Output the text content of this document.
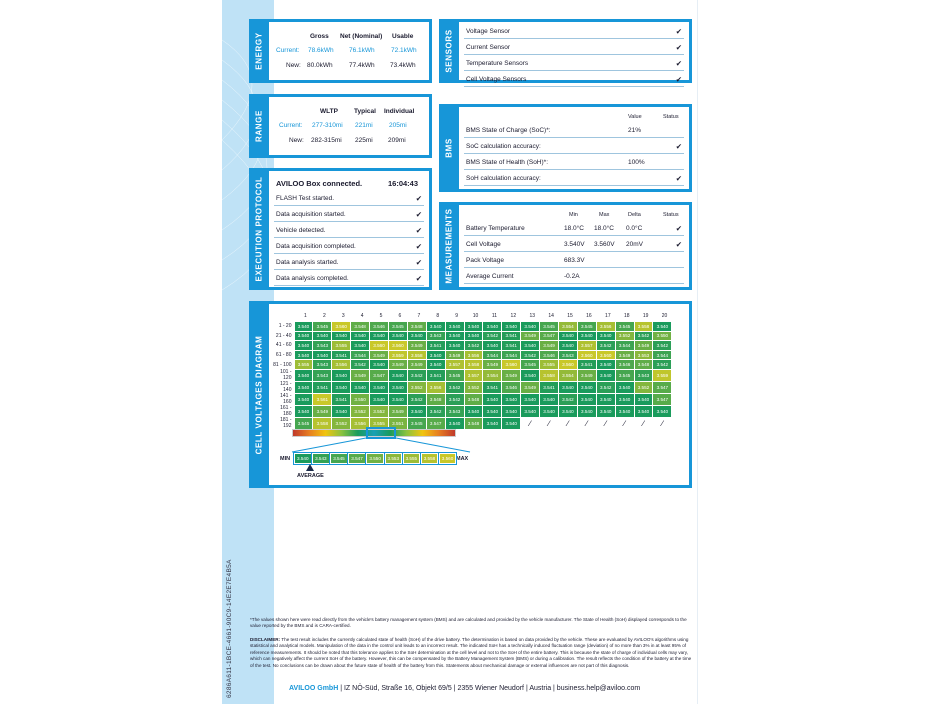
6286A611-1BCE-4661-90C9-14E2E7E4B5A
ENERGY	Gross Net (Nominal) Usable
Current: 78.6kWh 76.1kWh	72.1kWh
New: 80.0kWh	77.4kWh 73.4kWh
RANGE	WLTP Typical Individual
Current: 277-310mi 221mi	205mi
New: 282-315mi 225mi 209mi
EXECUTION PROTOCOL AVILOO Box connected.	16:04:43
FLASH Test started.	✔
Data acquisition started.	✔
Vehicle detected.	✔
Data acquisition completed.	✔
Data analysis started.	✔
Data analysis completed.	✔
SENSORS Voltage Sensor	✔
Current Sensor	✔
Temperature Sensors	✔
Cell Voltage Sensors	✔
BMS
Value	Status
BMS State of Charge (SoC)*:	21%
SoC calculation accuracy:	✔
BMS State of Health (SoH)*:	100%
SoH calculation accuracy:	✔
MEASUREMENTS	Min	Max	Delta	Status
Battery Temperature	18.0°C 18.0°C 0.0°C	✔
Cell Voltage	3.540V 3.560V 20mV	✔
Pack Voltage	683.3V
Average Current	-0.2A
CELL VOLTAGES DIAGRAM
1	2	3	4	5	6	7	8	9	10	11	12	13	14	15	16	17	18	19	20
1 - 20	3.540	3.545	3.560	3.548	3.546	3.545	3.548	3.540	3.540	3.540	3.540	3.540	3.540	3.545	3.554	3.545	3.556	3.545	3.558	3.540
21 - 40	3.540	3.540	3.540	3.540	3.540	3.540	3.540	3.543	3.540	3.540	3.542	3.541	3.549	3.547	3.540	3.540	3.540	3.552	3.542	3.550
41 - 60	3.540	3.543	3.555	3.540	3.560	3.560	3.549	3.541	3.540	3.542	3.540	3.541	3.540	3.549	3.540	3.557	3.542	3.544	3.549	3.542
61 - 80	3.540	3.540	3.541	3.544	3.549	3.559	3.558	3.540	3.549	3.556	3.544	3.544	3.542	3.546	3.543	3.560	3.560	3.549	3.553	3.544
81 - 100	3.555	3.543	3.556	3.542	3.540	3.549	3.549	3.540	3.557	3.558	3.549	3.560	3.545	3.555	3.560	3.541	3.540	3.546	3.548	3.542
101 - 120	3.540	3.543	3.540	3.549	3.547	3.540	3.542	3.541	3.545	3.557	3.554	3.549	3.540	3.558	3.554	3.549	3.540	3.545	3.543	3.559
121 - 140	3.540	3.541	3.540	3.540	3.540	3.540	3.552	3.556	3.542	3.552	3.541	3.546	3.549	3.541	3.540	3.540	3.542	3.540	3.552	3.547
141 - 160	3.540	3.561	3.541	3.550	3.540	3.540	3.542	3.548	3.542	3.548	3.540	3.540	3.540	3.540	3.542	3.540	3.540	3.540	3.540	3.547
161 - 180	3.540	3.549	3.540	3.552	3.552	3.549	3.540	3.542	3.543	3.540	3.540	3.540	3.540	3.540	3.540	3.540	3.540	3.540	3.540	3.540
181 - 192	3.545	3.558	3.552	3.556	3.555	3.551	3.545	3.547	3.540	3.548	3.540	3.540	∕	∕	∕	∕	∕	∕	∕	∕
MIN	MAX
3.540	3.543	3.545	3.547	3.550	3.553	3.555	3.558	3.560
AVERAGE
*The values shown here were read directly from the vehicle's battery management system (BMS) and are calculated and provided by the vehicle manufacturer. The State of Health (SoH) displayed corresponds to the value reported by the BMS and is CARA-certified.
DISCLAIMER: The test result includes the currently calculated state of health (SoH) of the drive battery. The determination is based on data provided by the vehicle. These are evaluated by AVILOO's algorithms using statistical and analytical models. Manipulation of the data in the control unit leads to an incorrect result. The indicated SoH has a technically induced fluctuation range (deviation) of no more than 3% in at least 95% of reference measurements. It should be noted that this tolerance applies to the SoH determination at the cell level and not to the SoH of the entire battery. This is because the state of charge of individual cells may vary, which can negatively affect the current SoH of the battery. However, this can be compensated by the Battery Management System (BMS) or during a calibration. The result reflects the condition of the battery at the time of the test. No conclusions can be drawn about the future state of health of the battery from this. Statements about mechanical damage or external influences are not part of this diagnosis.
AVILOO GmbH | IZ NÖ-Süd, Straße 16, Objekt 69/5 | 2355 Wiener Neudorf | Austria | business.help@aviloo.com
